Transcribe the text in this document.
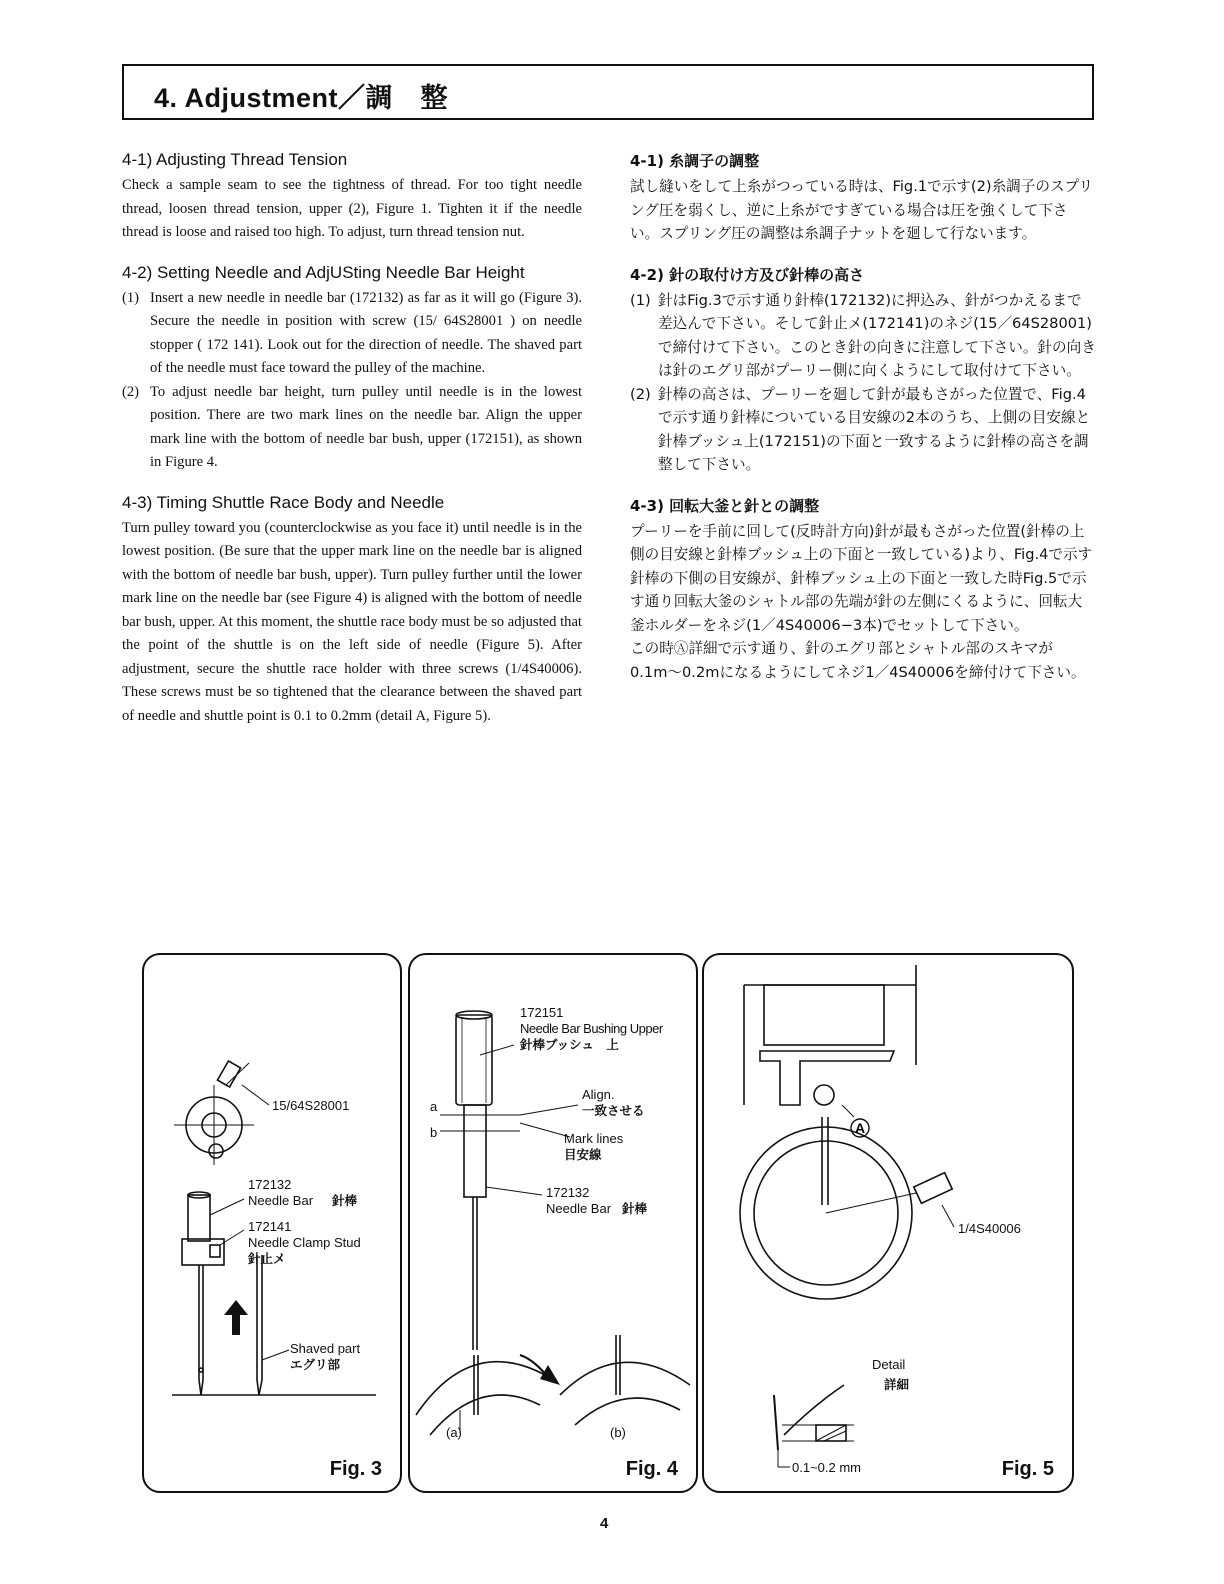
4. Adjustment／調　整
4-1) Adjusting Thread Tension

Check a sample seam to see the tightness of thread. For too tight needle thread, loosen thread tension, upper (2), Figure 1. Tighten it if the needle thread is loose and raised too high. To adjust, turn thread tension nut.

4-2) Setting Needle and AdjUSting Needle Bar Height
(1) Insert a new needle in needle bar (172132) as far as it will go (Figure 3). Secure the needle in position with screw (15/ 64S28001 ) on needle stopper ( 172 141). Look out for the direction of needle. The shaved part of the needle must face toward the pulley of the machine.
(2) To adjust needle bar height, turn pulley until needle is in the lowest position. There are two mark lines on the needle bar. Align the upper mark line with the bottom of needle bar bush, upper (172151), as shown in Figure 4.
4-3) Timing Shuttle Race Body and Needle

Turn pulley toward you (counterclockwise as you face it) until needle is in the lowest position. (Be sure that the upper mark line on the needle bar is aligned with the bottom of needle bar bush, upper). Turn pulley further until the lower mark line on the needle bar (see Figure 4) is aligned with the bottom of needle bar bush, upper. At this moment, the shuttle race body must be so adjusted that the point of the shuttle is on the left side of needle (Figure 5). After adjustment, secure the shuttle race holder with three screws (1/4S40006). These screws must be so tightened that the clearance between the shaved part of needle and shuttle point is 0.1 to 0.2mm (detail A, Figure 5).

4-1) 糸調子の調整

試し縫いをして上糸がつっている時は、Fig.1で示す(2)糸調子のスプリング圧を弱くし、逆に上糸がですぎている場合は圧を強くして下さい。スプリング圧の調整は糸調子ナットを廻して行ないます。

4-2) 針の取付け方及び針棒の高さ
(1) 針はFig.3で示す通り針棒(172132)に押込み、針がつかえるまで差込んで下さい。そして針止メ(172141)のネジ(15／64S28001)で締付けて下さい。このとき針の向きに注意して下さい。針の向きは針のエグリ部がプーリー側に向くようにして取付けて下さい。
(2) 針棒の高さは、プーリーを廻して針が最もさがった位置で、Fig.4で示す通り針棒についている目安線の2本のうち、上側の目安線と針棒ブッシュ上(172151)の下面と一致するように針棒の高さを調整して下さい。
4-3) 回転大釜と針との調整

プーリーを手前に回して(反時計方向)針が最もさがった位置(針棒の上側の目安線と針棒ブッシュ上の下面と一致している)より、Fig.4で示す針棒の下側の目安線が、針棒ブッシュ上の下面と一致した時Fig.5で示す通り回転大釜のシャトル部の先端が針の左側にくるように、回転大釜ホルダーをネジ(1／4S40006−3本)でセットして下さい。

この時Ⓐ詳細で示す通り、針のエグリ部とシャトル部のスキマが0.1m〜0.2mになるようにしてネジ1／4S40006を締付けて下さい。

15/64S28001
172132
Needle Bar 針棒
172141
Needle Clamp Stud
針止メ
Shaved part
エグリ部
Fig. 3
172151
Needle Bar Bushing Upper
針棒ブッシュ　上
Align.
一致させる
a
b	Mark lines
目安線
172132
Needle Bar 針棒
(a)	(b)
Fig. 4
A
1/4S40006
Detail
詳細
0.1~0.2 mm	Fig. 5
4
